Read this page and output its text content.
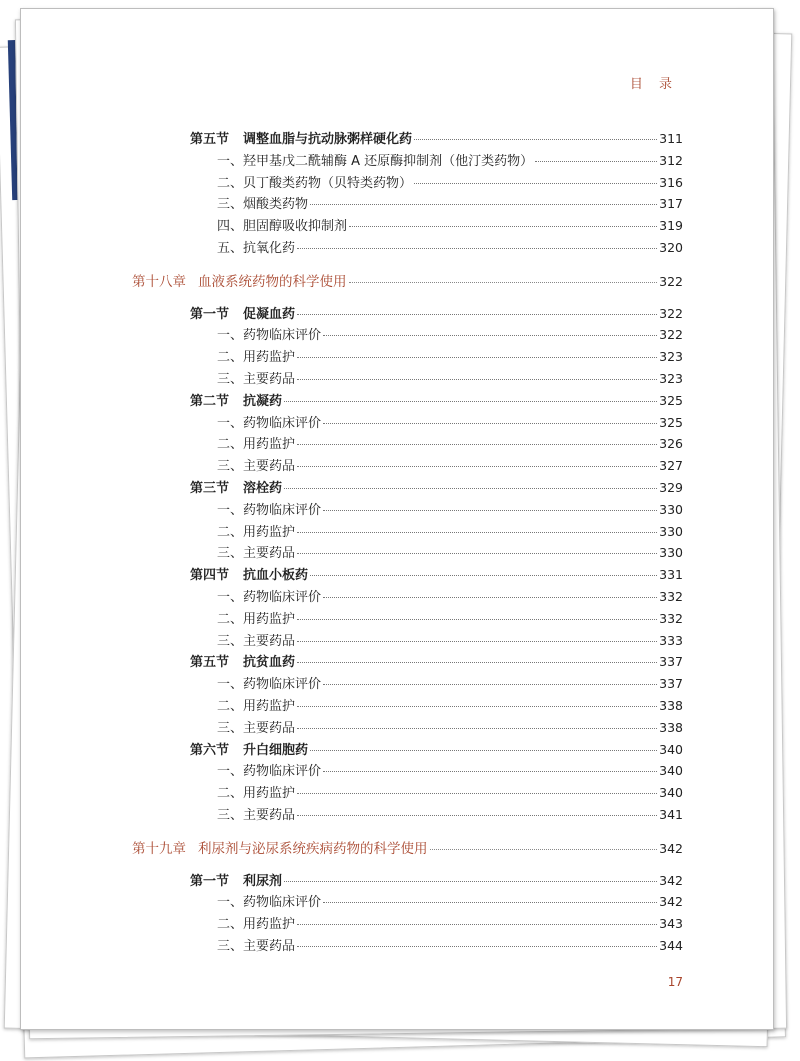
目 录
第五节 调整血脂与抗动脉粥样硬化药	311
一、羟甲基戊二酰辅酶 A 还原酶抑制剂（他汀类药物）	312
二、贝丁酸类药物（贝特类药物）	316
三、烟酸类药物	317
四、胆固醇吸收抑制剂	319
五、抗氧化药	320
第十八章 血液系统药物的科学使用	322
第一节 促凝血药	322
一、药物临床评价	322
二、用药监护	323
三、主要药品	323
第二节 抗凝药	325
一、药物临床评价	325
二、用药监护	326
三、主要药品	327
第三节 溶栓药	329
一、药物临床评价	330
二、用药监护	330
三、主要药品	330
第四节 抗血小板药	331
一、药物临床评价	332
二、用药监护	332
三、主要药品	333
第五节 抗贫血药	337
一、药物临床评价	337
二、用药监护	338
三、主要药品	338
第六节 升白细胞药	340
一、药物临床评价	340
二、用药监护	340
三、主要药品	341
第十九章 利尿剂与泌尿系统疾病药物的科学使用	342
第一节 利尿剂	342
一、药物临床评价	342
二、用药监护	343
三、主要药品	344
17
